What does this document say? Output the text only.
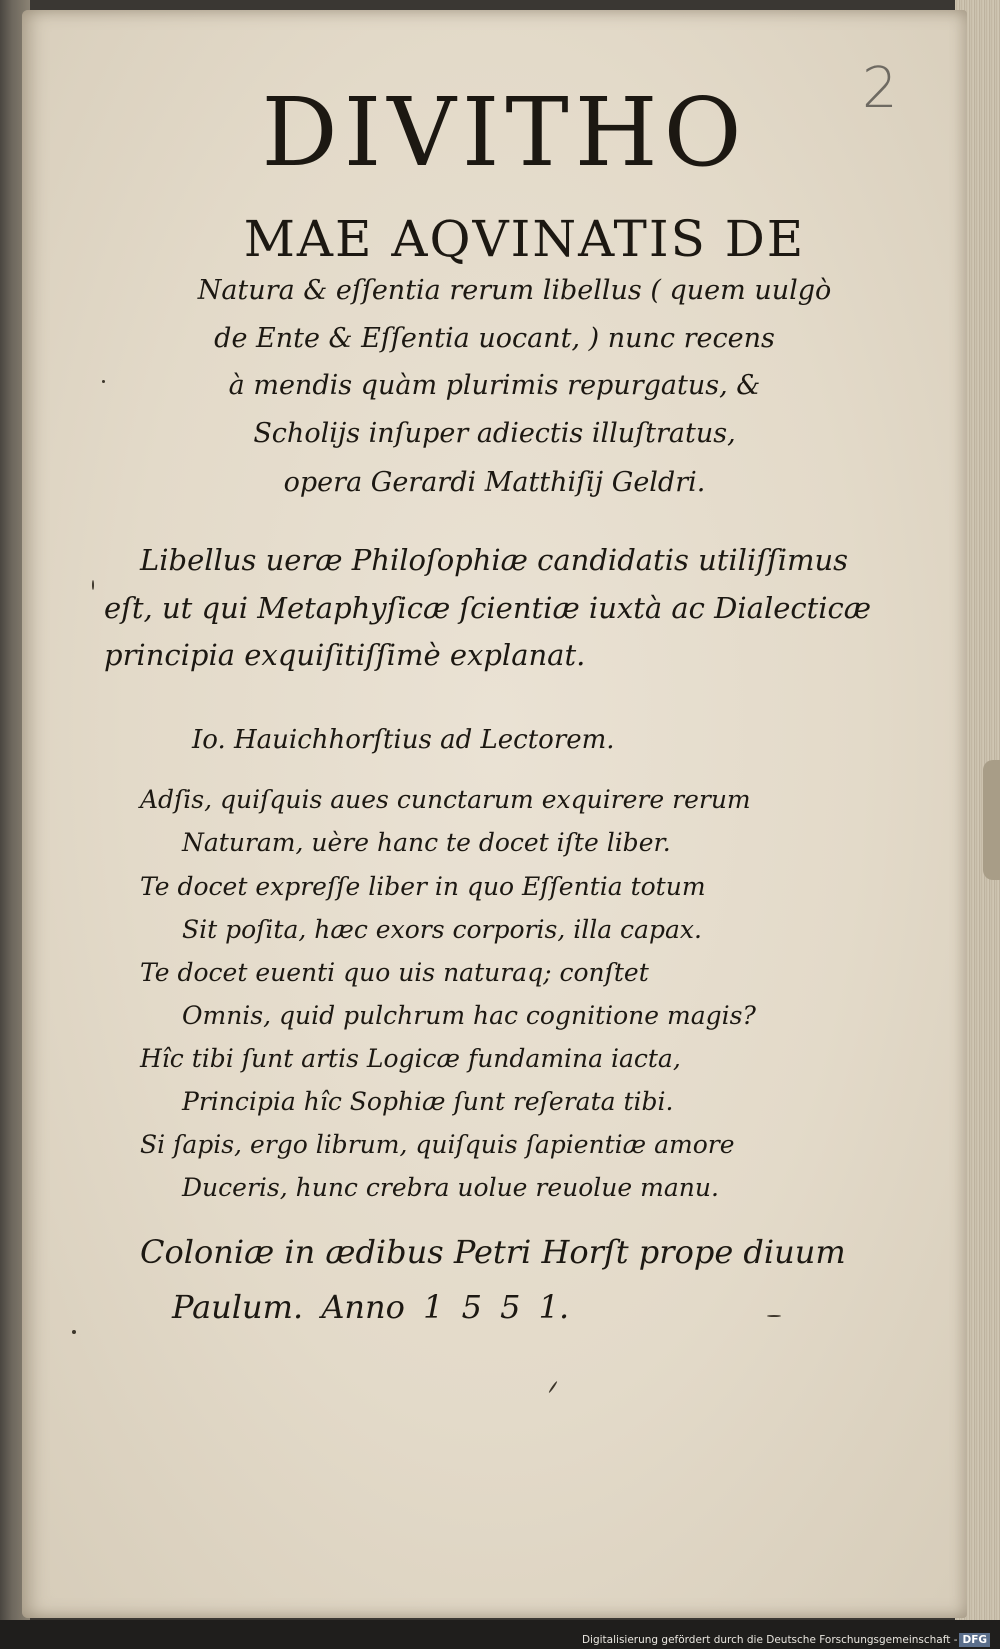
2
DIVITHO
MAE AQVINATIS DE
Natura & eſſentia rerum libellus ( quem uulgò
de Ente & Eſſentia uocant, ) nunc recens
à mendis quàm plurimis repurgatus, &
Scholijs inſuper adiectis illuſtratus,
opera Gerardi Matthiſij Geldri.
Libellus ueræ Philoſophiæ candidatis utiliſſimus
eſt, ut qui Metaphyſicæ ſcientiæ iuxtà ac Dialecticæ
principia exquiſitiſſimè explanat.
Io. Hauichhorſtius ad Lectorem.
Adſis, quiſquis aues cunctarum exquirere rerum
Naturam, uère hanc te docet iſte liber.
Te docet expreſſe liber in quo Eſſentia totum
Sit poſita, hæc exors corporis, illa capax.
Te docet euenti quo uis naturaq; conſtet
Omnis, quid pulchrum hac cognitione magis?
Hîc tibi ſunt artis Logicæ fundamina iacta,
Principia hîc Sophiæ ſunt reſerata tibi.
Si ſapis, ergo librum, quiſquis ſapientiæ amore
Duceris, hunc crebra uolue reuolue manu.
Coloniæ in ædibus Petri Horſt prope diuum
Paulum. Anno 1 5 5 1.
Digitalisierung gefördert durch die Deutsche Forschungsgemeinschaft - DFG
